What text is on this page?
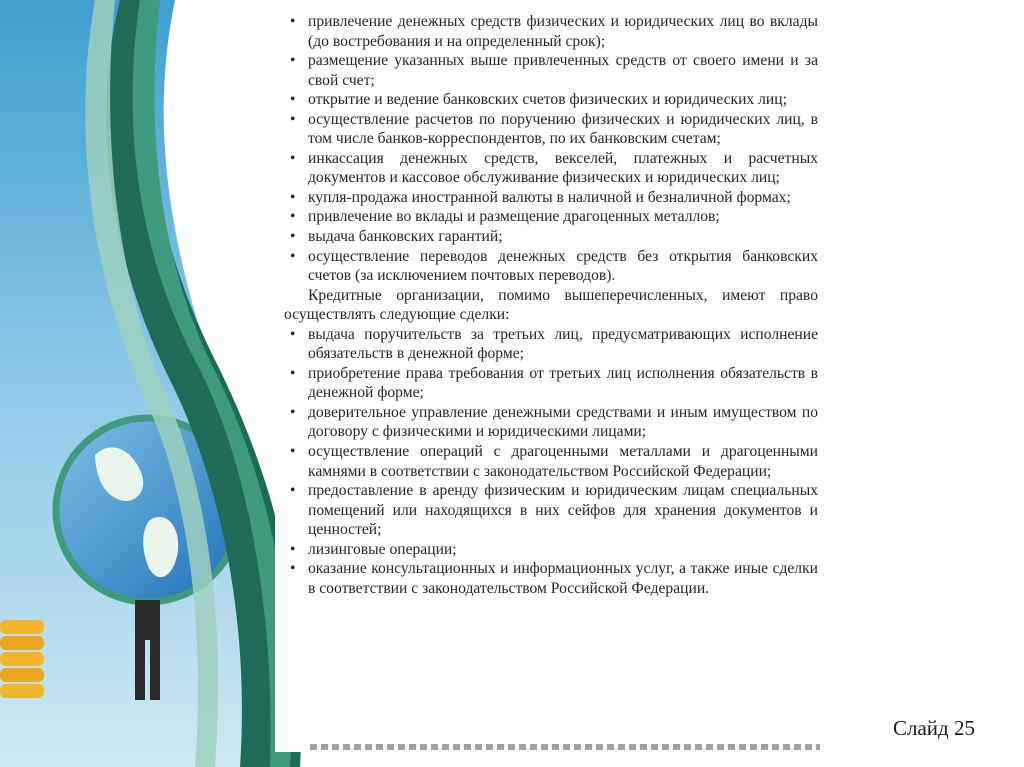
• привлечение денежных средств физических и юридических лиц во вклады (до востребования и на определенный срок);

• размещение указанных выше привлеченных средств от своего имени и за свой счет;

• открытие и ведение банковских счетов физических и юридических лиц;

• осуществление расчетов по поручению физических и юридических лиц, в том числе банков-корреспондентов, по их банковским счетам;

• инкассация денежных средств, векселей, платежных и расчетных документов и кассовое обслуживание физических и юридических лиц;

• купля-продажа иностранной валюты в наличной и безналичной формах;

• привлечение во вклады и размещение драгоценных металлов;

• выдача банковских гарантий;

• осуществление переводов денежных средств без открытия банковских счетов (за исключением почтовых переводов).

Кредитные организации, помимо вышеперечисленных, имеют право осуществлять следующие сделки:

• выдача поручительств за третьих лиц, предусматривающих исполнение обязательств в денежной форме;

• приобретение права требования от третьих лиц исполнения обязательств в денежной форме;

• доверительное управление денежными средствами и иным имуществом по договору с физическими и юридическими лицами;

• осуществление операций с драгоценными металлами и драгоценными камнями в соответствии с законодательством Российской Федерации;

• предоставление в аренду физическим и юридическим лицам специальных помещений или находящихся в них сейфов для хранения документов и ценностей;

• лизинговые операции;

• оказание консультационных и информационных услуг, а также иные сделки в соответствии с законодательством Российской Федерации.

Слайд 25
